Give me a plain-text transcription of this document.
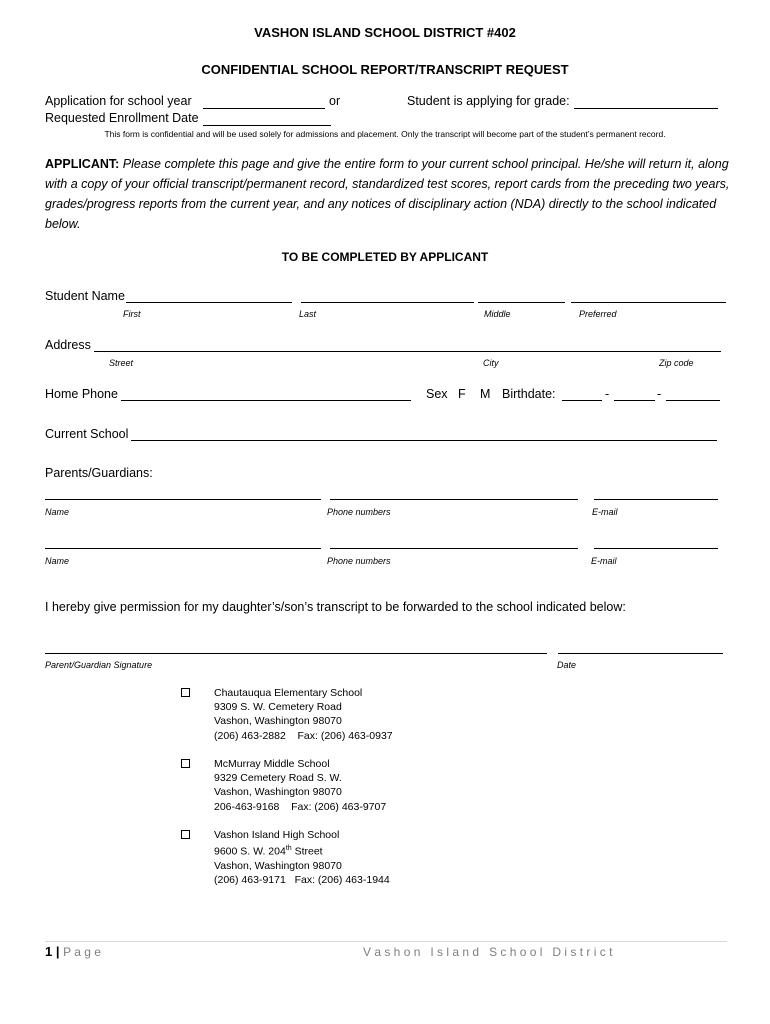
VASHON ISLAND SCHOOL DISTRICT #402
CONFIDENTIAL SCHOOL REPORT/TRANSCRIPT REQUEST
Application for school year	or	Student is applying for grade:
Requested Enrollment Date
This form is confidential and will be used solely for admissions and placement. Only the transcript will become part of the student’s permanent record.
APPLICANT: Please complete this page and give the entire form to your current school principal. He/she will return it, along with a copy of your official transcript/permanent record, standardized test scores, report cards from the preceding two years, grades/progress reports from the current year, and any notices of disciplinary action (NDA) directly to the school indicated below.
TO BE COMPLETED BY APPLICANT
Student Name
First	Last	Middle	Preferred
Address
Street	City	Zip code
Home Phone	Sex F M Birthdate:	-	-
Current School
Parents/Guardians:
Name	Phone numbers	E-mail
Name	Phone numbers	E-mail
I hereby give permission for my daughter’s/son’s transcript to be forwarded to the school indicated below:
Parent/Guardian Signature	Date
Chautauqua Elementary School
9309 S. W. Cemetery Road
Vashon, Washington 98070
(206) 463-2882 Fax: (206) 463-0937
McMurray Middle School
9329 Cemetery Road S. W.
Vashon, Washington 98070
206-463-9168 Fax: (206) 463-9707
Vashon Island High School
9600 S. W. 204th Street
Vashon, Washington 98070
(206) 463-9171 Fax: (206) 463-1944
1 | P a g e	V a s h o n   I s l a n d   S c h o o l   D i s t r i c t
